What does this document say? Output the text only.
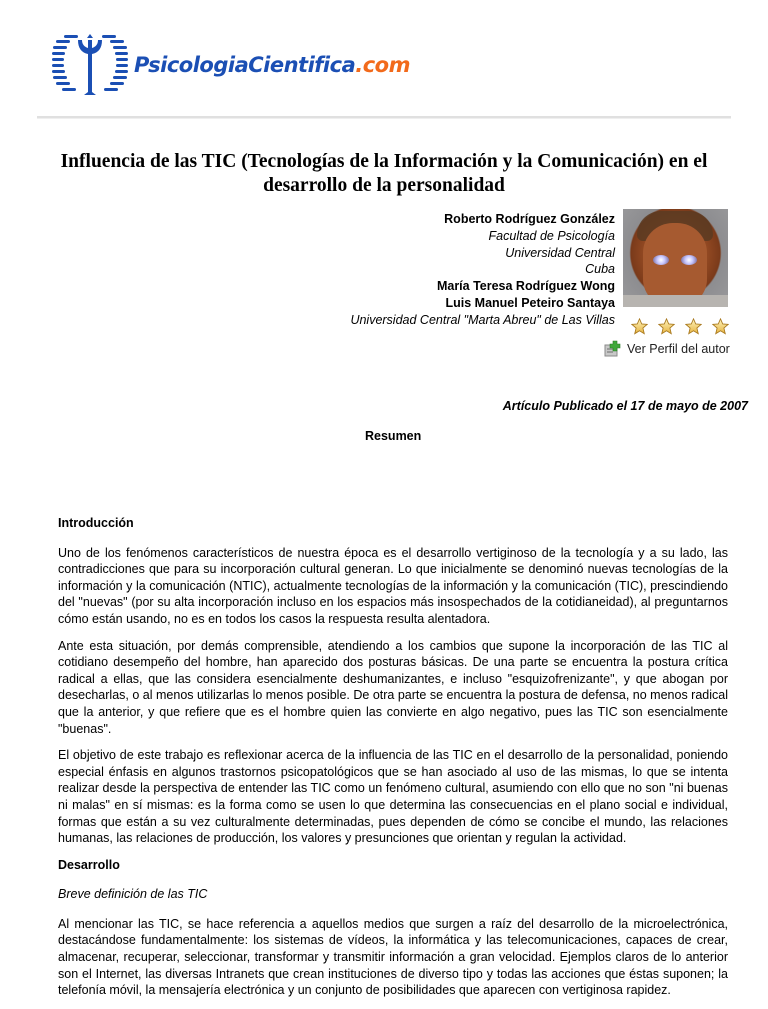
PsicologiaCientifica.com
Influencia de las TIC (Tecnologías de la Información y la Comunicación) en el desarrollo de la personalidad
Roberto Rodríguez González
Facultad de Psicología
Universidad Central
Cuba
María Teresa Rodríguez Wong
Luis Manuel Peteiro Santaya
Universidad Central "Marta Abreu" de Las Villas
Ver Perfil del autor
Artículo Publicado el 17 de mayo de 2007
Resumen
Introducción

Uno de los fenómenos característicos de nuestra época es el desarrollo vertiginoso de la tecnología y a su lado, las contradicciones que para su incorporación cultural generan. Lo que inicialmente se denominó nuevas tecnologías de la información y la comunicación (NTIC), actualmente tecnologías de la información y la comunicación (TIC), prescindiendo del "nuevas" (por su alta incorporación incluso en los espacios más insospechados de la cotidianeidad), al preguntarnos cómo están usando, no es en todos los casos la respuesta resulta alentadora.

Ante esta situación, por demás comprensible, atendiendo a los cambios que supone la incorporación de las TIC al cotidiano desempeño del hombre, han aparecido dos posturas básicas. De una parte se encuentra la postura crítica radical a ellas, que las considera esencialmente deshumanizantes, e incluso "esquizofrenizante", y que abogan por desecharlas, o al menos utilizarlas lo menos posible. De otra parte se encuentra la postura de defensa, no menos radical que la anterior, y que refiere que es el hombre quien las convierte en algo negativo, pues las TIC son esencialmente "buenas".

El objetivo de este trabajo es reflexionar acerca de la influencia de las TIC en el desarrollo de la personalidad, poniendo especial énfasis en algunos trastornos psicopatológicos que se han asociado al uso de las mismas, lo que se intenta realizar desde la perspectiva de entender las TIC como un fenómeno cultural, asumiendo con ello que no son "ni buenas ni malas" en sí mismas: es la forma como se usen lo que determina las consecuencias en el plano social e individual, formas que están a su vez culturalmente determinadas, pues dependen de cómo se concibe el mundo, las relaciones humanas, las relaciones de producción, los valores y presunciones que orientan y regulan la actividad.

Desarrollo

Breve definición de las TIC

Al mencionar las TIC, se hace referencia a aquellos medios que surgen a raíz del desarrollo de la microelectrónica, destacándose fundamentalmente: los sistemas de vídeos, la informática y las telecomunicaciones, capaces de crear, almacenar, recuperar, seleccionar, transformar y transmitir información a gran velocidad. Ejemplos claros de lo anterior son el Internet, las diversas Intranets que crean instituciones de diverso tipo y todas las acciones que éstas suponen; la telefonía móvil, la mensajería electrónica y un conjunto de posibilidades que aparecen con vertiginosa rapidez.
